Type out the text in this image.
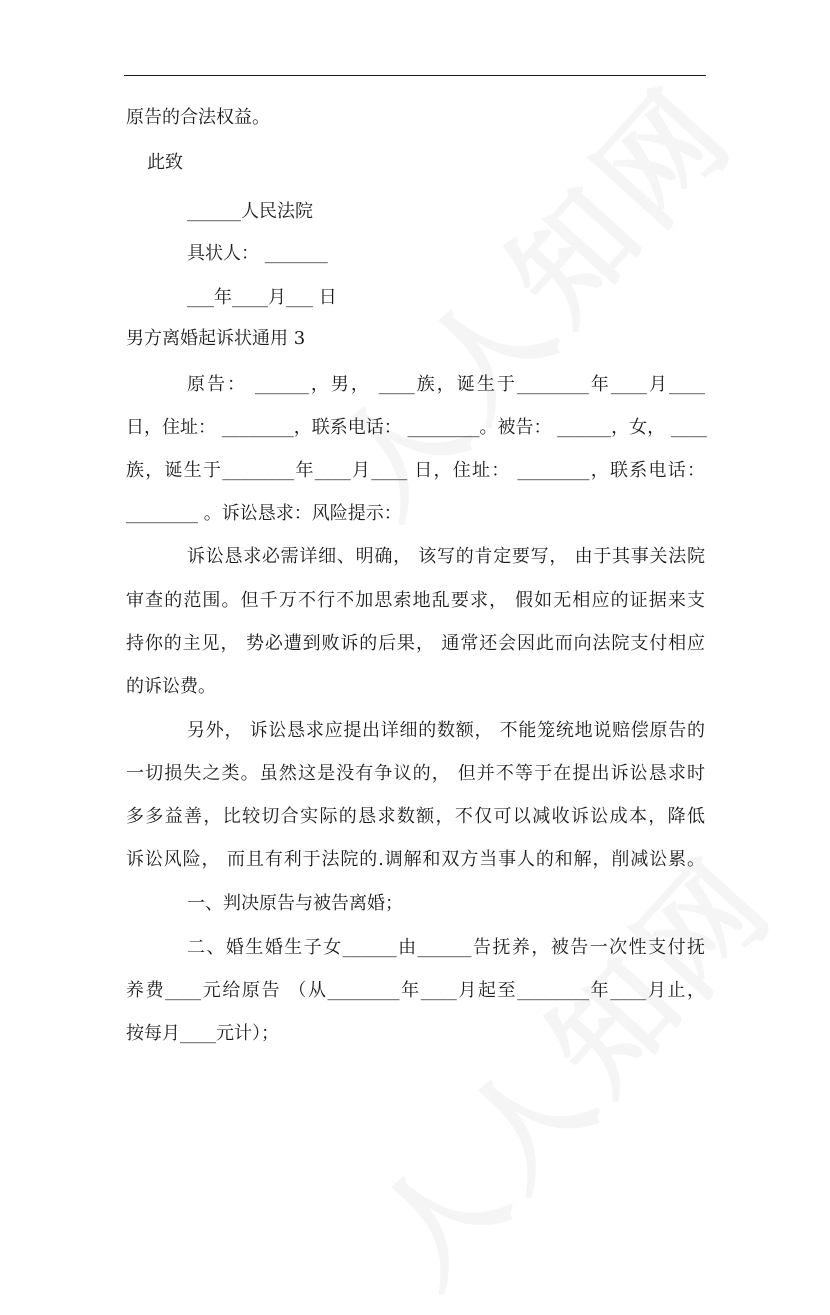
原告的合法权益。
此致
______人民法院
具状人： _______
___年____月___ 日
男方离婚起诉状通用 3
原告： ______，男， ____族，诞生于________年____月____
日，住址： ________，联系电话： ________。被告： ______，女， ____
族，诞生于________年____月____ 日，住址： ________，联系电话：
________ 。诉讼恳求：风险提示：
诉讼恳求必需详细、明确， 该写的肯定要写， 由于其事关法院
审查的范围。但千万不行不加思索地乱要求， 假如无相应的证据来支
持你的主见， 势必遭到败诉的后果， 通常还会因此而向法院支付相应
的诉讼费。
另外， 诉讼恳求应提出详细的数额， 不能笼统地说赔偿原告的
一切损失之类。虽然这是没有争议的， 但并不等于在提出诉讼恳求时
多多益善，比较切合实际的恳求数额，不仅可以减收诉讼成本，降低
诉讼风险， 而且有利于法院的.调解和双方当事人的和解，削减讼累。
一、判决原告与被告离婚；
二、婚生婚生子女______由______告抚养，被告一次性支付抚
养费____元给原告 （从________年____月起至________年____月止，
按每月____元计）；
